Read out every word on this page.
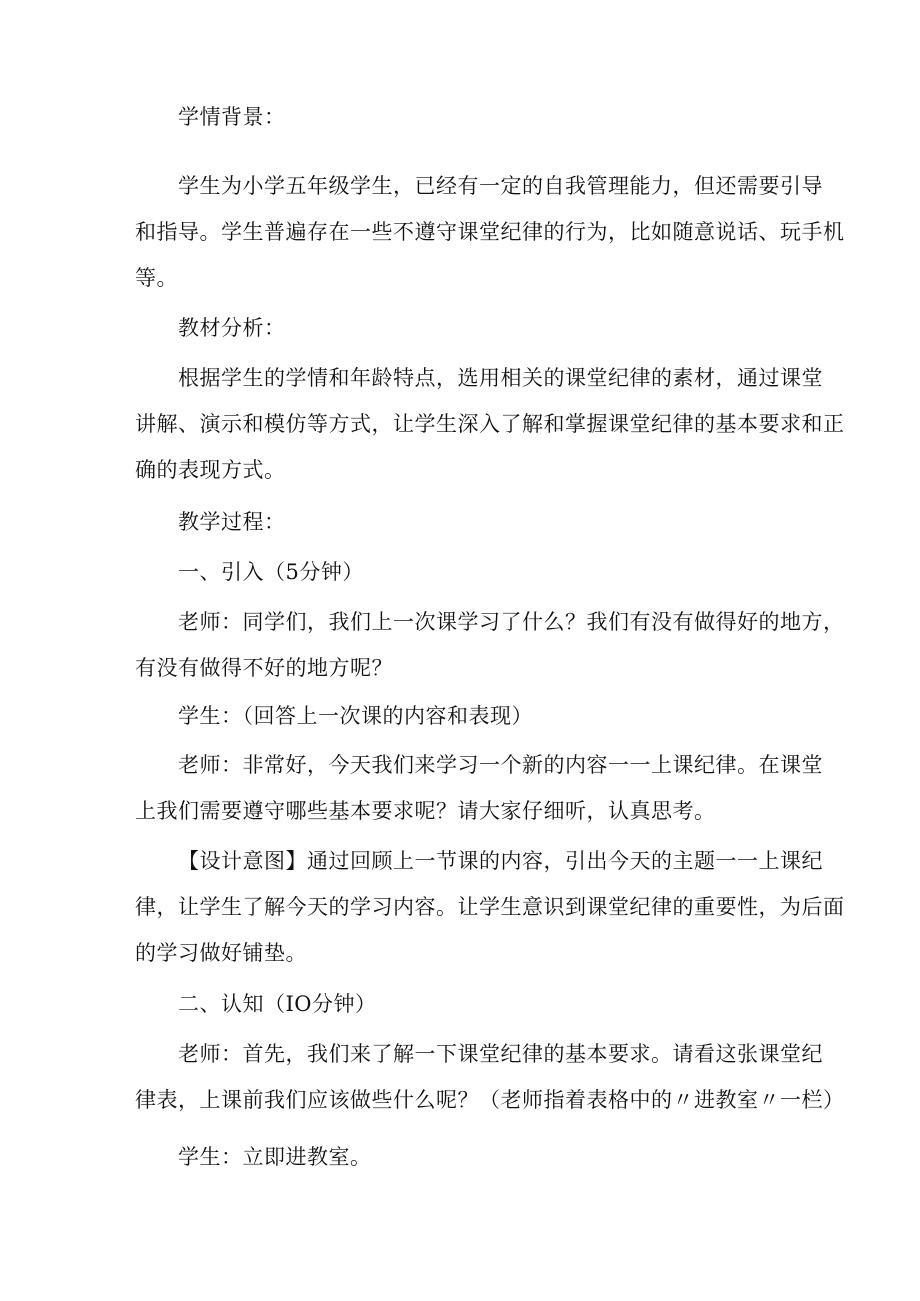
学情背景：
学生为小学五年级学生，已经有一定的自我管理能力，但还需要引导
和指导。学生普遍存在一些不遵守课堂纪律的行为，比如随意说话、玩手机
等。
教材分析：
根据学生的学情和年龄特点，选用相关的课堂纪律的素材，通过课堂
讲解、演示和模仿等方式，让学生深入了解和掌握课堂纪律的基本要求和正
确的表现方式。
教学过程：
一、引入（5分钟）
老师：同学们，我们上一次课学习了什么？我们有没有做得好的地方，
有没有做得不好的地方呢？
学生：（回答上一次课的内容和表现）
老师：非常好，今天我们来学习一个新的内容一一上课纪律。在课堂
上我们需要遵守哪些基本要求呢？请大家仔细听，认真思考。
【设计意图】通过回顾上一节课的内容，引出今天的主题一一上课纪
律，让学生了解今天的学习内容。让学生意识到课堂纪律的重要性，为后面
的学习做好铺垫。
二、认知（IO分钟）
老师：首先，我们来了解一下课堂纪律的基本要求。请看这张课堂纪
律表，上课前我们应该做些什么呢？（老师指着表格中的〃进教室〃一栏）
学生：立即进教室。
